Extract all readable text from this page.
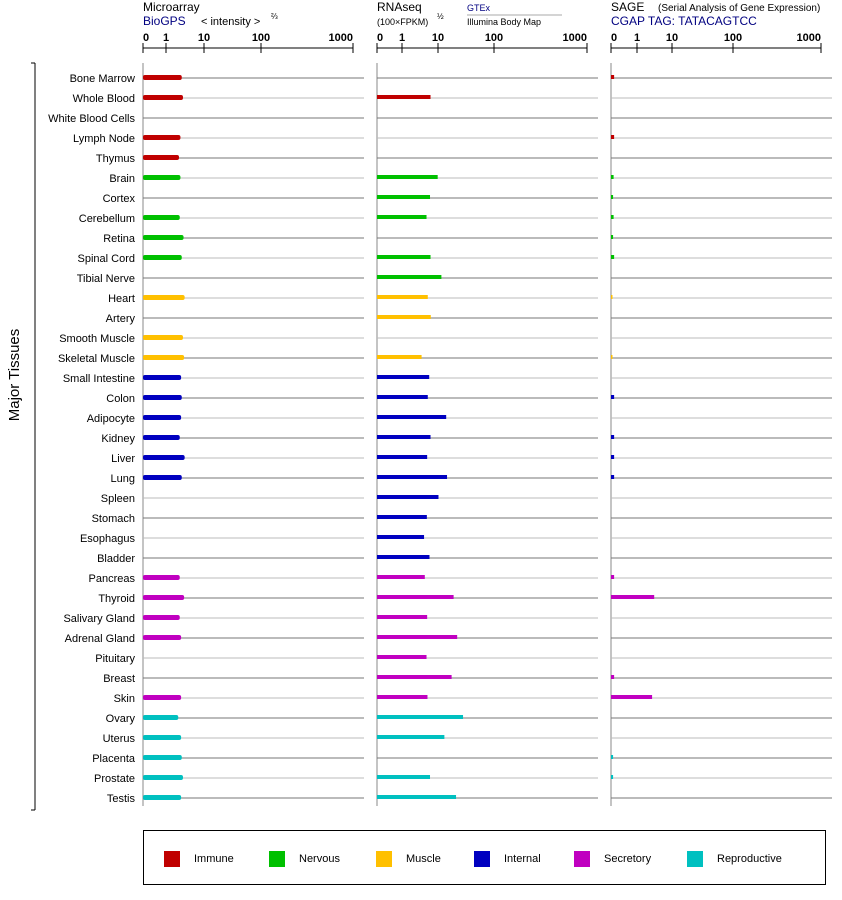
Microarray
BioGPS < intensity > ⅔
RNAseq
(100×FPKM)
½
GTEx
Illumina Body Map
SAGE (Serial Analysis of Gene Expression)
CGAP TAG: TATACAGTCC
0 1	10	100	1000 0 1 10	100	1000 0 1 10	100	1000
Major Tissues
Bone Marrow
Whole Blood
White Blood Cells
Lymph Node
Thymus
Brain
Cortex
Cerebellum
Retina
Spinal Cord
Tibial Nerve
Heart
Artery
Smooth Muscle
Skeletal Muscle
Small Intestine
Colon
Adipocyte
Kidney
Liver
Lung
Spleen
Stomach
Esophagus
Bladder
Pancreas
Thyroid
Salivary Gland
Adrenal Gland
Pituitary
Breast
Skin
Ovary
Uterus
Placenta
Prostate
Testis
Immune	Nervous	Muscle	Internal	Secretory	Reproductive
